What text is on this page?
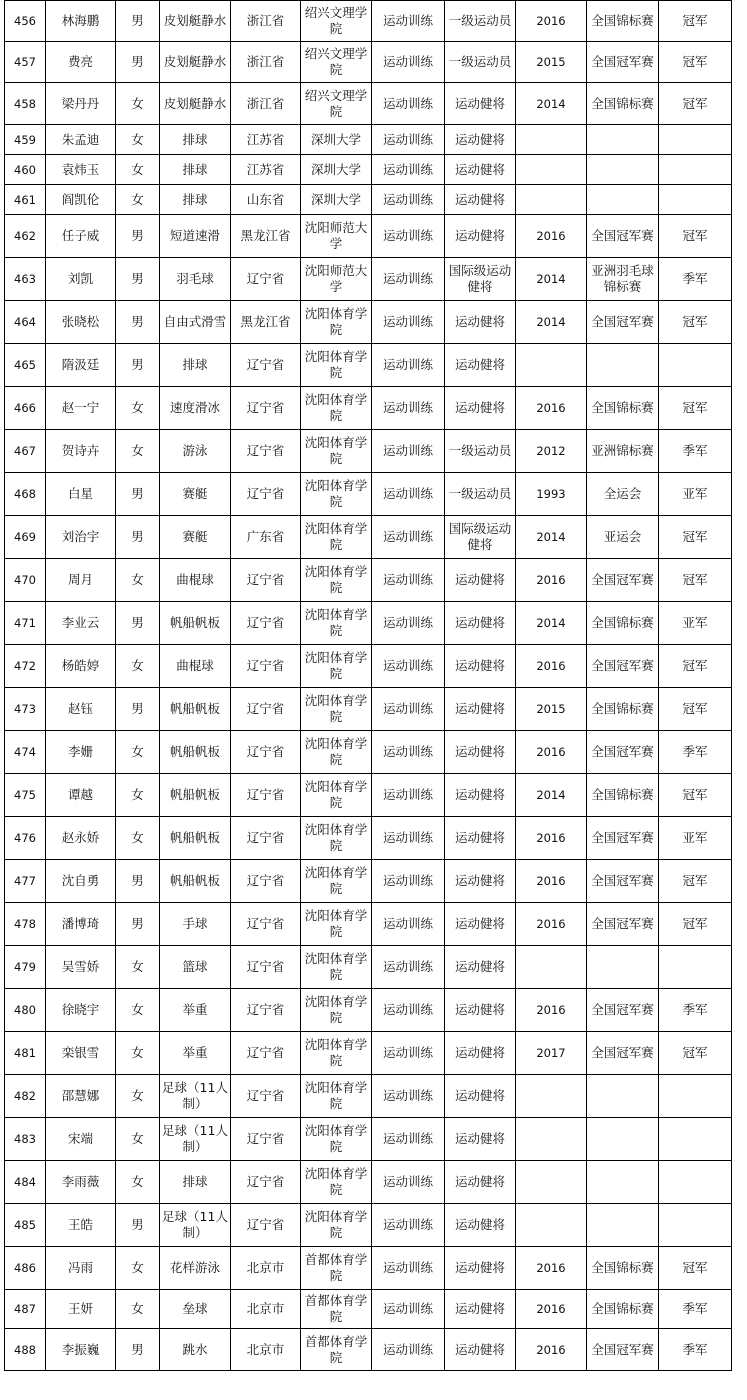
456	林海鹏	男	皮划艇静水	浙江省	绍兴文理学院	运动训练	一级运动员	2016	全国锦标赛	冠军
457	费亮	男	皮划艇静水	浙江省	绍兴文理学院	运动训练	一级运动员	2015	全国冠军赛	冠军
458	梁丹丹	女	皮划艇静水	浙江省	绍兴文理学院	运动训练	运动健将	2014	全国锦标赛	冠军
459	朱孟迪	女	排球	江苏省	深圳大学	运动训练	运动健将			
460	袁炜玉	女	排球	江苏省	深圳大学	运动训练	运动健将			
461	阎凯伦	女	排球	山东省	深圳大学	运动训练	运动健将			
462	任子威	男	短道速滑	黑龙江省	沈阳师范大学	运动训练	运动健将	2016	全国冠军赛	冠军
463	刘凯	男	羽毛球	辽宁省	沈阳师范大学	运动训练	国际级运动健将	2014	亚洲羽毛球锦标赛	季军
464	张晓松	男	自由式滑雪	黑龙江省	沈阳体育学院	运动训练	运动健将	2014	全国冠军赛	冠军
465	隋汲廷	男	排球	辽宁省	沈阳体育学院	运动训练	运动健将			
466	赵一宁	女	速度滑冰	辽宁省	沈阳体育学院	运动训练	运动健将	2016	全国锦标赛	冠军
467	贺诗卉	女	游泳	辽宁省	沈阳体育学院	运动训练	一级运动员	2012	亚洲锦标赛	季军
468	白星	男	赛艇	辽宁省	沈阳体育学院	运动训练	一级运动员	1993	全运会	亚军
469	刘治宇	男	赛艇	广东省	沈阳体育学院	运动训练	国际级运动健将	2014	亚运会	冠军
470	周月	女	曲棍球	辽宁省	沈阳体育学院	运动训练	运动健将	2016	全国冠军赛	冠军
471	李业云	男	帆船帆板	辽宁省	沈阳体育学院	运动训练	运动健将	2014	全国锦标赛	亚军
472	杨皓婷	女	曲棍球	辽宁省	沈阳体育学院	运动训练	运动健将	2016	全国冠军赛	冠军
473	赵钰	男	帆船帆板	辽宁省	沈阳体育学院	运动训练	运动健将	2015	全国锦标赛	冠军
474	李姗	女	帆船帆板	辽宁省	沈阳体育学院	运动训练	运动健将	2016	全国冠军赛	季军
475	谭越	女	帆船帆板	辽宁省	沈阳体育学院	运动训练	运动健将	2014	全国锦标赛	冠军
476	赵永娇	女	帆船帆板	辽宁省	沈阳体育学院	运动训练	运动健将	2016	全国冠军赛	亚军
477	沈自勇	男	帆船帆板	辽宁省	沈阳体育学院	运动训练	运动健将	2016	全国冠军赛	冠军
478	潘博琦	男	手球	辽宁省	沈阳体育学院	运动训练	运动健将	2016	全国冠军赛	冠军
479	吴雪娇	女	篮球	辽宁省	沈阳体育学院	运动训练	运动健将			
480	徐晓宇	女	举重	辽宁省	沈阳体育学院	运动训练	运动健将	2016	全国冠军赛	季军
481	栾银雪	女	举重	辽宁省	沈阳体育学院	运动训练	运动健将	2017	全国冠军赛	冠军
482	邵慧娜	女	足球（11人制）	辽宁省	沈阳体育学院	运动训练	运动健将			
483	宋端	女	足球（11人制）	辽宁省	沈阳体育学院	运动训练	运动健将			
484	李雨薇	女	排球	辽宁省	沈阳体育学院	运动训练	运动健将			
485	王皓	男	足球（11人制）	辽宁省	沈阳体育学院	运动训练	运动健将			
486	冯雨	女	花样游泳	北京市	首都体育学院	运动训练	运动健将	2016	全国锦标赛	冠军
487	王妍	女	垒球	北京市	首都体育学院	运动训练	运动健将	2016	全国锦标赛	季军
488	李振巍	男	跳水	北京市	首都体育学院	运动训练	运动健将	2016	全国冠军赛	季军
